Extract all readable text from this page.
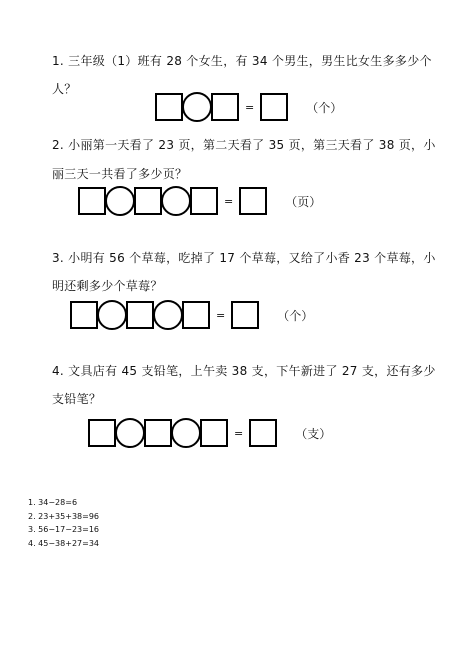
1. 三年级（1）班有 28 个女生，有 34 个男生，男生比女生多多少个
人？
=	（个）
2. 小丽第一天看了 23 页，第二天看了 35 页，第三天看了 38 页，小
丽三天一共看了多少页？
=	（页）
3. 小明有 56 个草莓，吃掉了 17 个草莓，又给了小香 23 个草莓，小
明还剩多少个草莓？
=	（个）
4. 文具店有 45 支铅笔，上午卖 38 支，下午新进了 27 支，还有多少
支铅笔？
=	（支）
1. 34−28=6
2. 23+35+38=96
3. 56−17−23=16
4. 45−38+27=34
